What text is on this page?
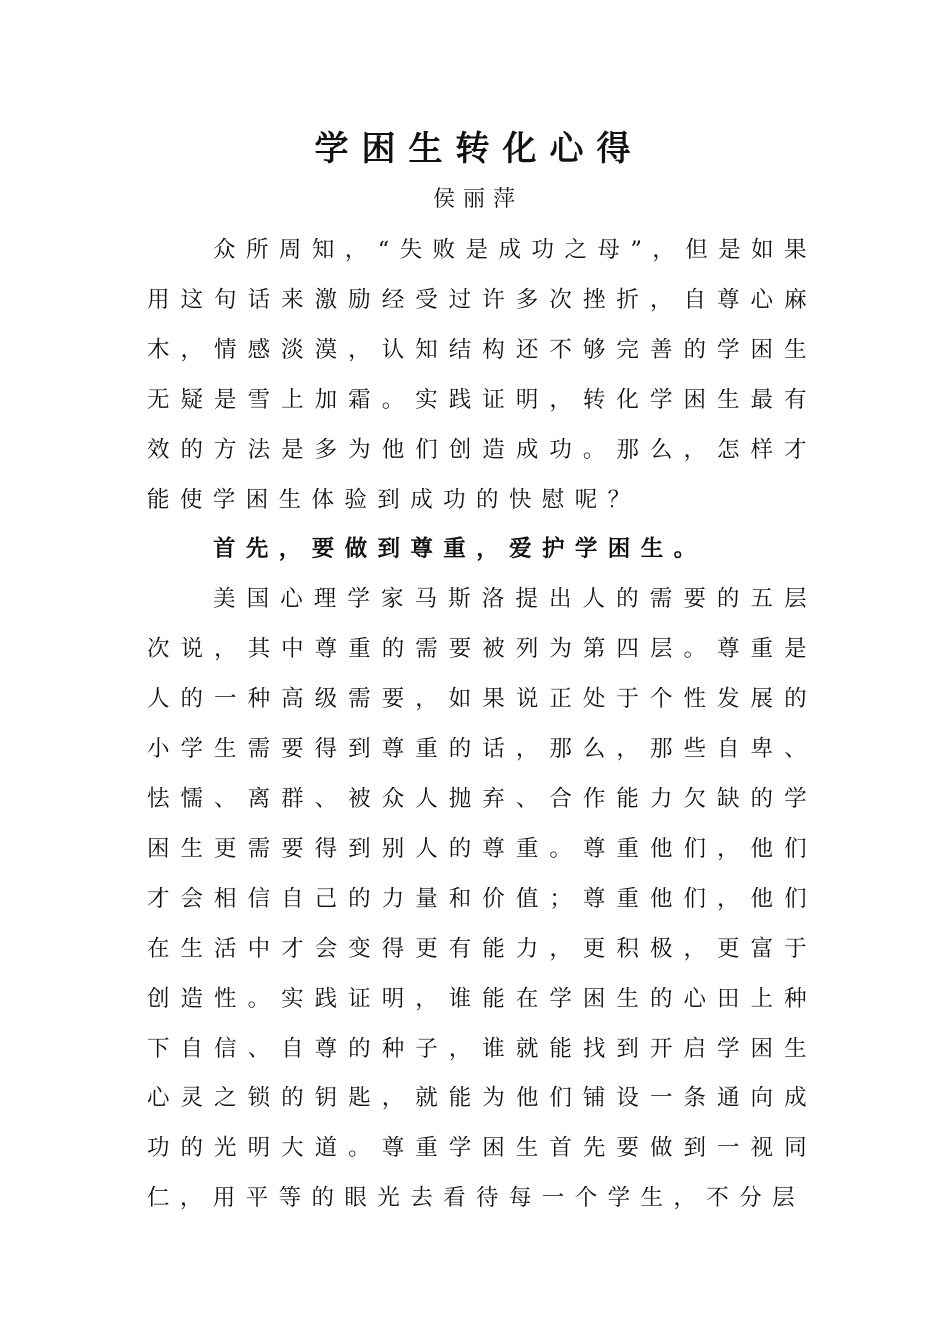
学困生转化心得
侯丽萍

众所周知，“失败是成功之母”，但是如果用这句话来激励经受过许多次挫折，自尊心麻木，情感淡漠，认知结构还不够完善的学困生无疑是雪上加霜。实践证明，转化学困生最有效的方法是多为他们创造成功。那么，怎样才能使学困生体验到成功的快慰呢？

首先，要做到尊重，爱护学困生。

美国心理学家马斯洛提出人的需要的五层次说，其中尊重的需要被列为第四层。尊重是人的一种高级需要，如果说正处于个性发展的小学生需要得到尊重的话，那么，那些自卑、怯懦、离群、被众人抛弃、合作能力欠缺的学困生更需要得到别人的尊重。尊重他们，他们才会相信自己的力量和价值；尊重他们，他们在生活中才会变得更有能力，更积极，更富于创造性。实践证明，谁能在学困生的心田上种下自信、自尊的种子，谁就能找到开启学困生心灵之锁的钥匙，就能为他们铺设一条通向成功的光明大道。尊重学困生首先要做到一视同仁，用平等的眼光去看待每一个学生，不分层
